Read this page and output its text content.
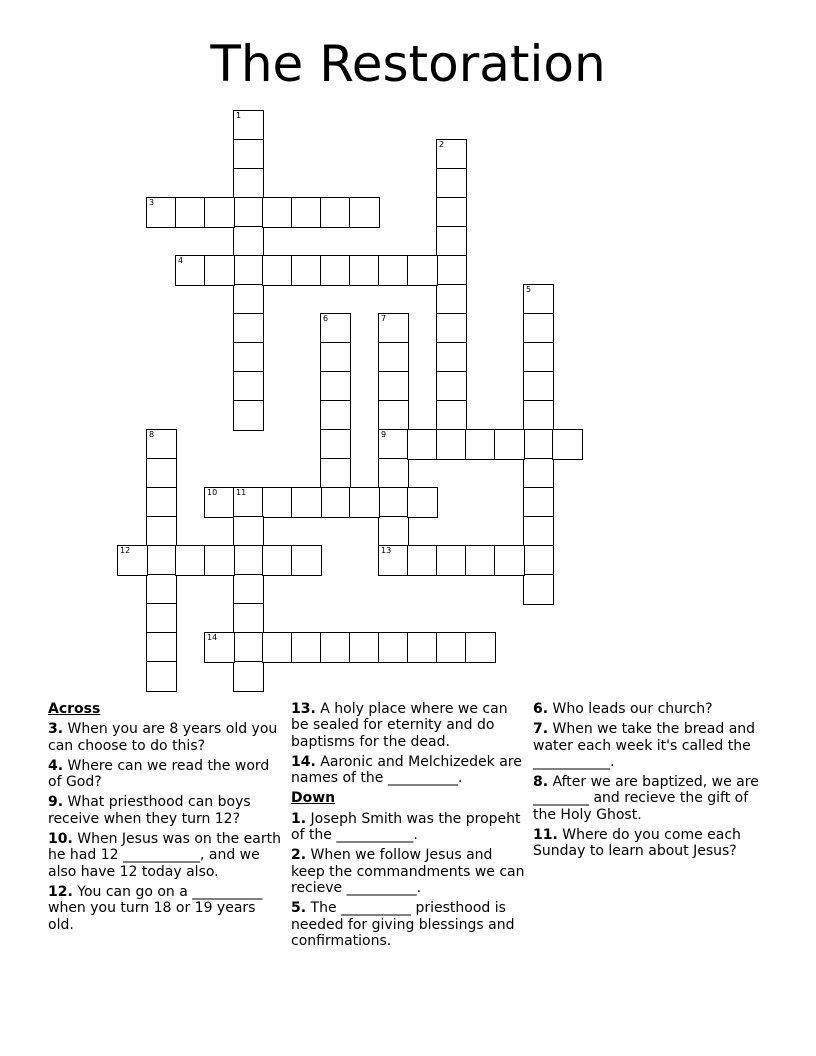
The Restoration
1
2
3
4
5
6	7
9
13
8
10 11
12
14
Across
3. When you are 8 years old you can choose to do this?
4. Where can we read the word of God?
9. What priesthood can boys receive when they turn 12?
10. When Jesus was on the earth he had 12 ___________, and we also have 12 today also.
12. You can go on a __________ when you turn 18 or 19 years old.
13. A holy place where we can be sealed for eternity and do baptisms for the dead.
14. Aaronic and Melchizedek are names of the __________.
Down
1. Joseph Smith was the propeht of the ___________.
2. When we follow Jesus and keep the commandments we can recieve __________.
5. The __________ priesthood is needed for giving blessings and confirmations.
6. Who leads our church?
7. When we take the bread and water each week it's called the ___________.
8. After we are baptized, we are ________ and recieve the gift of the Holy Ghost.
11. Where do you come each Sunday to learn about Jesus?
